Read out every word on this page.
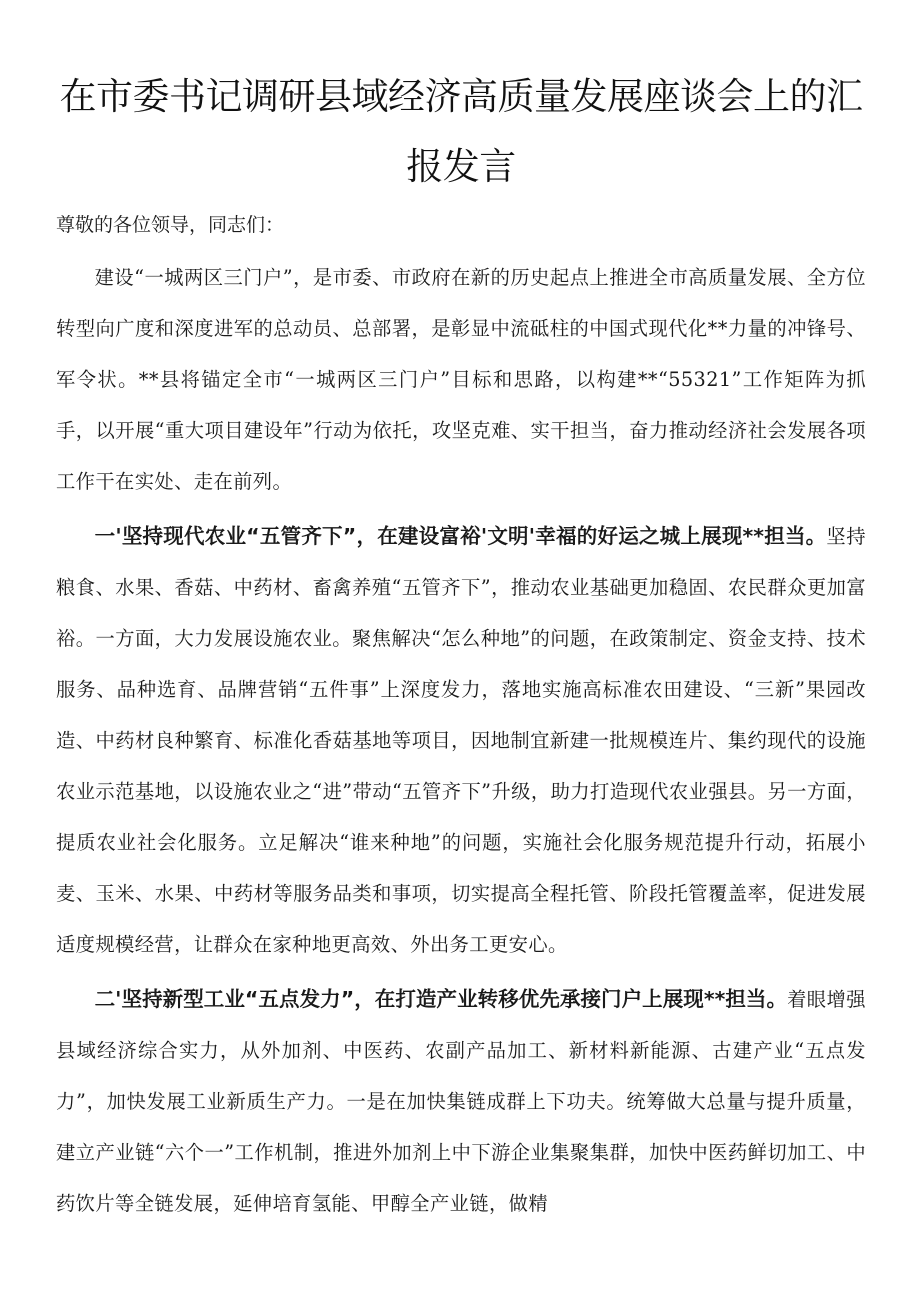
在市委书记调研县域经济高质量发展座谈会上的汇报发言

尊敬的各位领导，同志们：

建设“一城两区三门户”，是市委、市政府在新的历史起点上推进全市高质量发展、全方位转型向广度和深度进军的总动员、总部署，是彰显中流砥柱的中国式现代化**力量的冲锋号、军令状。**县将锚定全市“一城两区三门户”目标和思路，以构建**“55321”工作矩阵为抓手，以开展“重大项目建设年”行动为依托，攻坚克难、实干担当，奋力推动经济社会发展各项工作干在实处、走在前列。

一'坚持现代农业“五管齐下”，在建设富裕'文明'幸福的好运之城上展现**担当。坚持粮食、水果、香菇、中药材、畜禽养殖“五管齐下”，推动农业基础更加稳固、农民群众更加富裕。一方面，大力发展设施农业。聚焦解决“怎么种地”的问题，在政策制定、资金支持、技术服务、品种选育、品牌营销“五件事”上深度发力，落地实施高标准农田建设、“三新”果园改造、中药材良种繁育、标准化香菇基地等项目，因地制宜新建一批规模连片、集约现代的设施农业示范基地，以设施农业之“进”带动“五管齐下”升级，助力打造现代农业强县。另一方面，提质农业社会化服务。立足解决“谁来种地”的问题，实施社会化服务规范提升行动，拓展小麦、玉米、水果、中药材等服务品类和事项，切实提高全程托管、阶段托管覆盖率，促进发展适度规模经营，让群众在家种地更高效、外出务工更安心。

二'坚持新型工业“五点发力”，在打造产业转移优先承接门户上展现**担当。着眼增强县域经济综合实力，从外加剂、中医药、农副产品加工、新材料新能源、古建产业“五点发力”，加快发展工业新质生产力。一是在加快集链成群上下功夫。统筹做大总量与提升质量，建立产业链“六个一”工作机制，推进外加剂上中下游企业集聚集群，加快中医药鲜切加工、中药饮片等全链发展，延伸培育氢能、甲醇全产业链，做精
